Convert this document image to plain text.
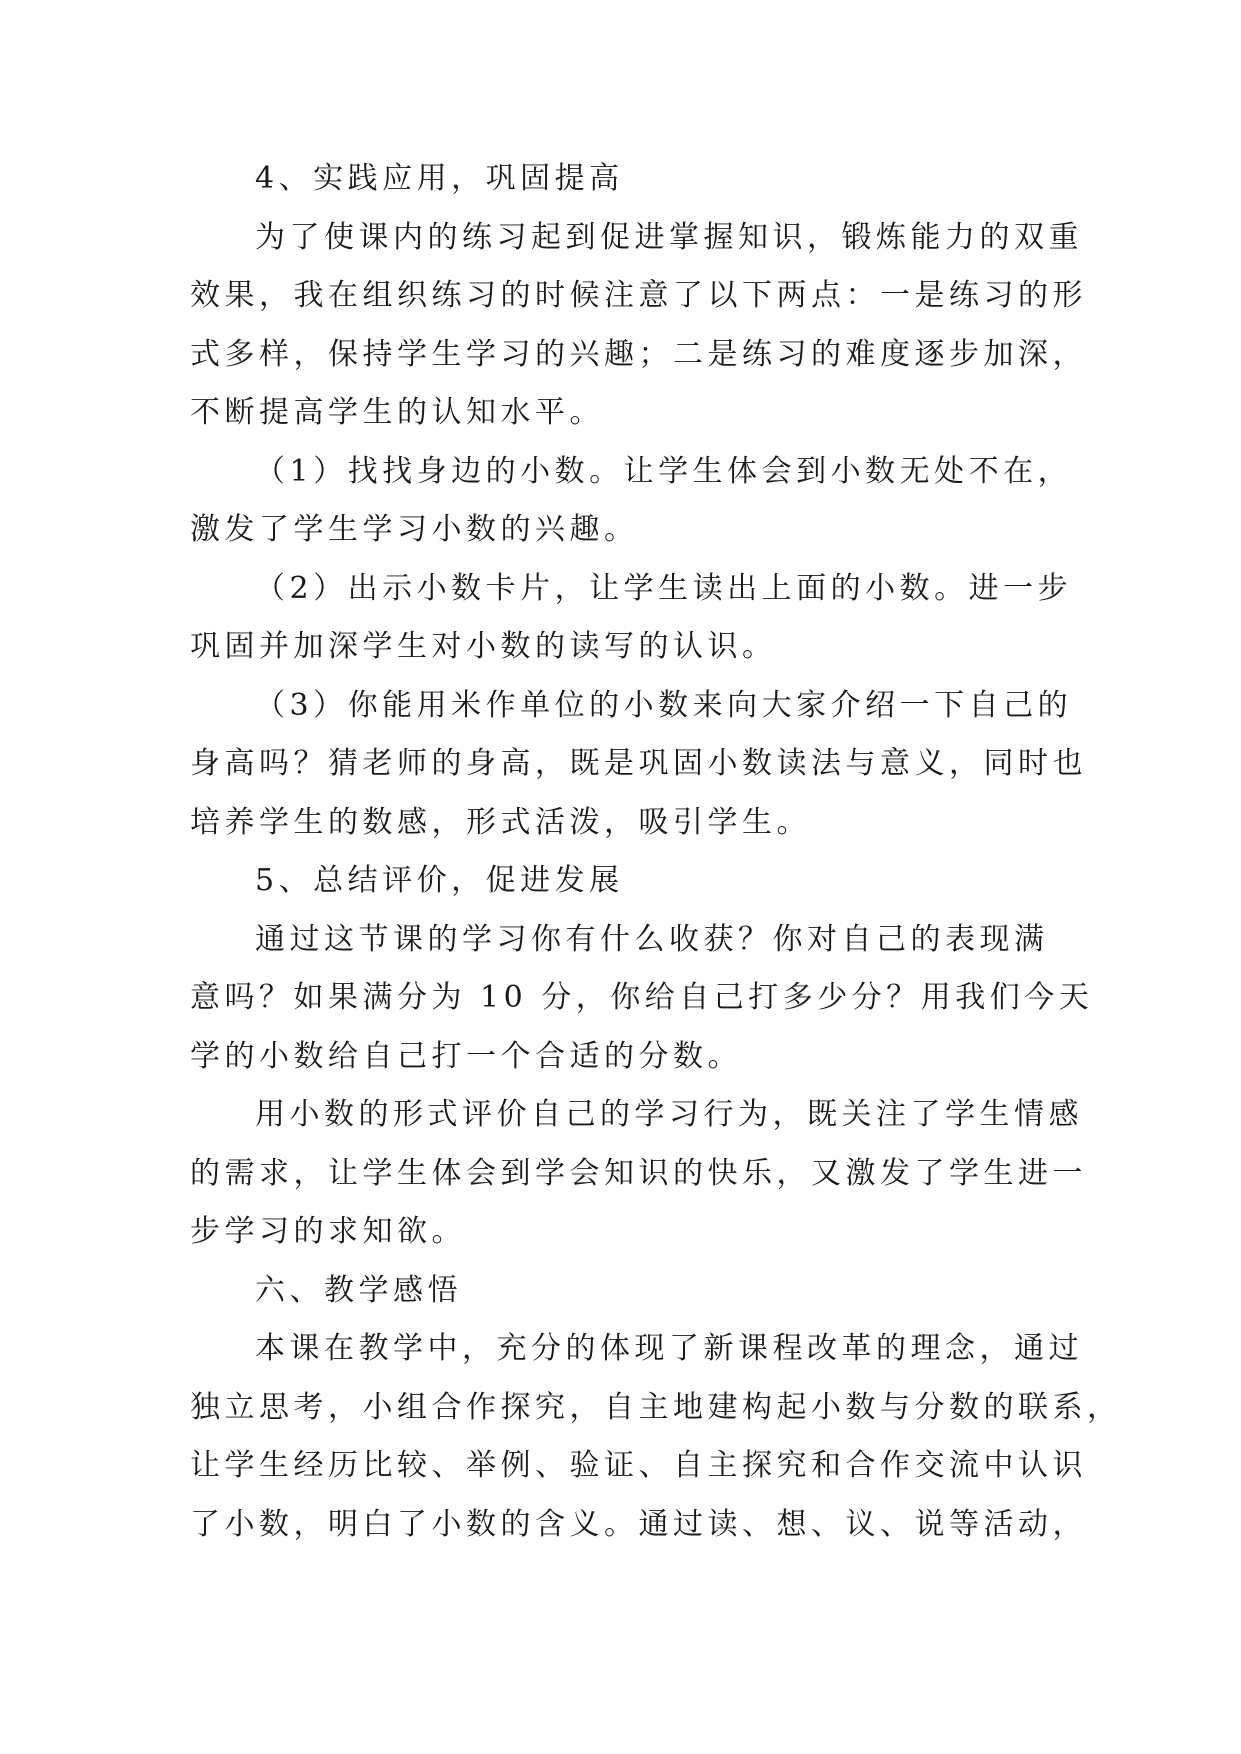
4、实践应用，巩固提高

为了使课内的练习起到促进掌握知识，锻炼能力的双重
效果，我在组织练习的时候注意了以下两点：一是练习的形
式多样，保持学生学习的兴趣；二是练习的难度逐步加深，
不断提高学生的认知水平。

（1）找找身边的小数。让学生体会到小数无处不在，
激发了学生学习小数的兴趣。

（2）出示小数卡片，让学生读出上面的小数。进一步
巩固并加深学生对小数的读写的认识。

（3）你能用米作单位的小数来向大家介绍一下自己的
身高吗？猜老师的身高，既是巩固小数读法与意义，同时也
培养学生的数感，形式活泼，吸引学生。

5、总结评价，促进发展

通过这节课的学习你有什么收获？你对自己的表现满
意吗？如果满分为 10 分，你给自己打多少分？用我们今天
学的小数给自己打一个合适的分数。

用小数的形式评价自己的学习行为，既关注了学生情感
的需求，让学生体会到学会知识的快乐，又激发了学生进一
步学习的求知欲。

六、教学感悟

本课在教学中，充分的体现了新课程改革的理念，通过
独立思考，小组合作探究，自主地建构起小数与分数的联系，
让学生经历比较、举例、验证、自主探究和合作交流中认识
了小数，明白了小数的含义。通过读、想、议、说等活动，
